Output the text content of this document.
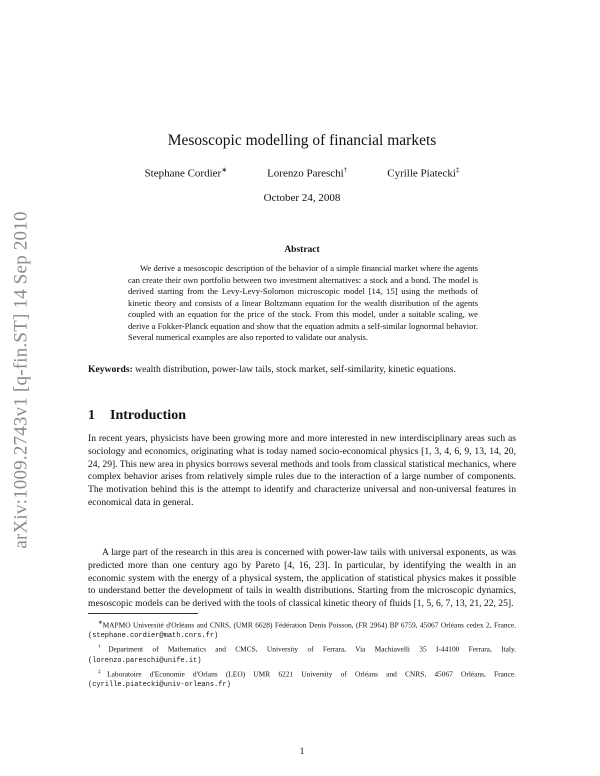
arXiv:1009.2743v1 [q-fin.ST] 14 Sep 2010
Mesoscopic modelling of financial markets
Stephane Cordier∗	Lorenzo Pareschi†	Cyrille Piatecki‡
October 24, 2008
Abstract
We derive a mesoscopic description of the behavior of a simple financial market where the agents can create their own portfolio between two investment alternatives: a stock and a bond. The model is derived starting from the Levy-Levy-Solomon microscopic model [14, 15] using the methods of kinetic theory and consists of a linear Boltzmann equation for the wealth distribution of the agents coupled with an equation for the price of the stock. From this model, under a suitable scaling, we derive a Fokker-Planck equation and show that the equation admits a self-similar lognormal behavior. Several numerical examples are also reported to validate our analysis.
Keywords: wealth distribution, power-law tails, stock market, self-similarity, kinetic equations.
1 Introduction
In recent years, physicists have been growing more and more interested in new interdisciplinary areas such as sociology and economics, originating what is today named socio-economical physics [1, 3, 4, 6, 9, 13, 14, 20, 24, 29]. This new area in physics borrows several methods and tools from classical statistical mechanics, where complex behavior arises from relatively simple rules due to the interaction of a large number of components. The motivation behind this is the attempt to identify and characterize universal and non-universal features in economical data in general.
A large part of the research in this area is concerned with power-law tails with universal exponents, as was predicted more than one century ago by Pareto [4, 16, 23]. In particular, by identifying the wealth in an economic system with the energy of a physical system, the application of statistical physics makes it possible to understand better the development of tails in wealth distributions. Starting from the microscopic dynamics, mesoscopic models can be derived with the tools of classical kinetic theory of fluids [1, 5, 6, 7, 13, 21, 22, 25].
∗MAPMO Université d'Orléans and CNRS, (UMR 6628) Fédération Denis Poisson, (FR 2964) BP 6759, 45067 Orléans cedex 2, France. (stephane.cordier@math.cnrs.fr)
†Department of Mathematics and CMCS, University of Ferrara, Via Machiavelli 35 I-44100 Ferrara, Italy. (lorenzo.pareschi@unife.it)
‡Laboratoire d'Economie d'Orlans (LEO) UMR 6221 University of Orléans and CNRS, 45067 Orléans, France. (cyrille.piatecki@univ-orleans.fr)
1
